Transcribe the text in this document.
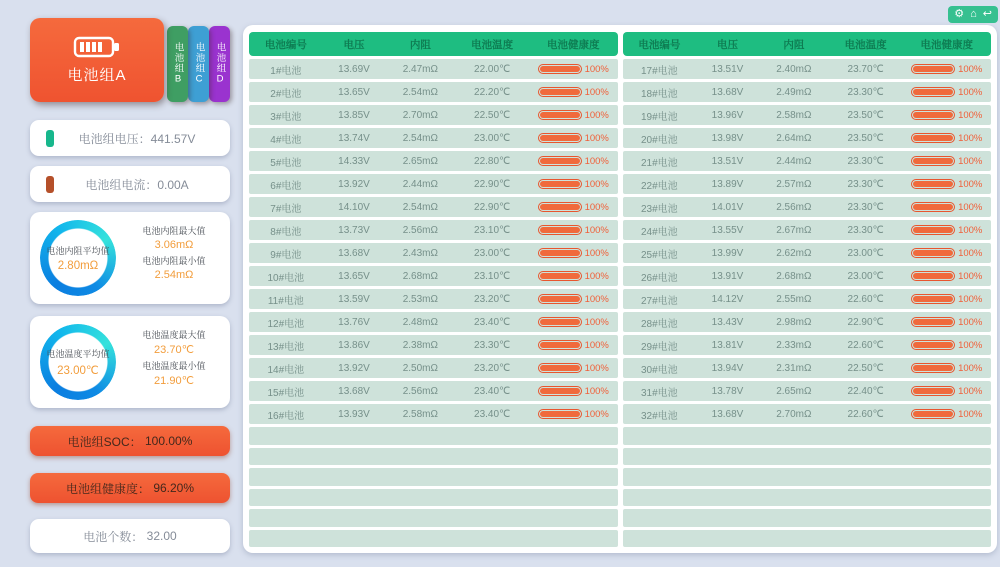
⚙ ⌂ ↩
电池组A	电池组B	电池组C	电池组D
电池组电压：441.57V
电池组电流：0.00A
电池内阻平均值
2.80mΩ
电池内阻最大值
3.06mΩ
电池内阻最小值
2.54mΩ
电池温度平均值
23.00℃
电池温度最大值
23.70℃
电池温度最小值
21.90℃
电池组SOC：
100.00%
电池组健康度：
96.20%
电池个数：
32.00
电池编号	电压	内阻	电池温度	电池健康度
1#电池	13.69V	2.47mΩ	22.00℃	100%
2#电池	13.65V	2.54mΩ	22.20℃	100%
3#电池	13.85V	2.70mΩ	22.50℃	100%
4#电池	13.74V	2.54mΩ	23.00℃	100%
5#电池	14.33V	2.65mΩ	22.80℃	100%
6#电池	13.92V	2.44mΩ	22.90℃	100%
7#电池	14.10V	2.54mΩ	22.90℃	100%
8#电池	13.73V	2.56mΩ	23.10℃	100%
9#电池	13.68V	2.43mΩ	23.00℃	100%
10#电池	13.65V	2.68mΩ	23.10℃	100%
11#电池	13.59V	2.53mΩ	23.20℃	100%
12#电池	13.76V	2.48mΩ	23.40℃	100%
13#电池	13.86V	2.38mΩ	23.30℃	100%
14#电池	13.92V	2.50mΩ	23.20℃	100%
15#电池	13.68V	2.56mΩ	23.40℃	100%
16#电池	13.93V	2.58mΩ	23.40℃	100%
电池编号	电压	内阻	电池温度	电池健康度
17#电池	13.51V	2.40mΩ	23.70℃	100%
18#电池	13.68V	2.49mΩ	23.30℃	100%
19#电池	13.96V	2.58mΩ	23.50℃	100%
20#电池	13.98V	2.64mΩ	23.50℃	100%
21#电池	13.51V	2.44mΩ	23.30℃	100%
22#电池	13.89V	2.57mΩ	23.30℃	100%
23#电池	14.01V	2.56mΩ	23.30℃	100%
24#电池	13.55V	2.67mΩ	23.30℃	100%
25#电池	13.99V	2.62mΩ	23.00℃	100%
26#电池	13.91V	2.68mΩ	23.00℃	100%
27#电池	14.12V	2.55mΩ	22.60℃	100%
28#电池	13.43V	2.98mΩ	22.90℃	100%
29#电池	13.81V	2.33mΩ	22.60℃	100%
30#电池	13.94V	2.31mΩ	22.50℃	100%
31#电池	13.78V	2.65mΩ	22.40℃	100%
32#电池	13.68V	2.70mΩ	22.60℃	100%
